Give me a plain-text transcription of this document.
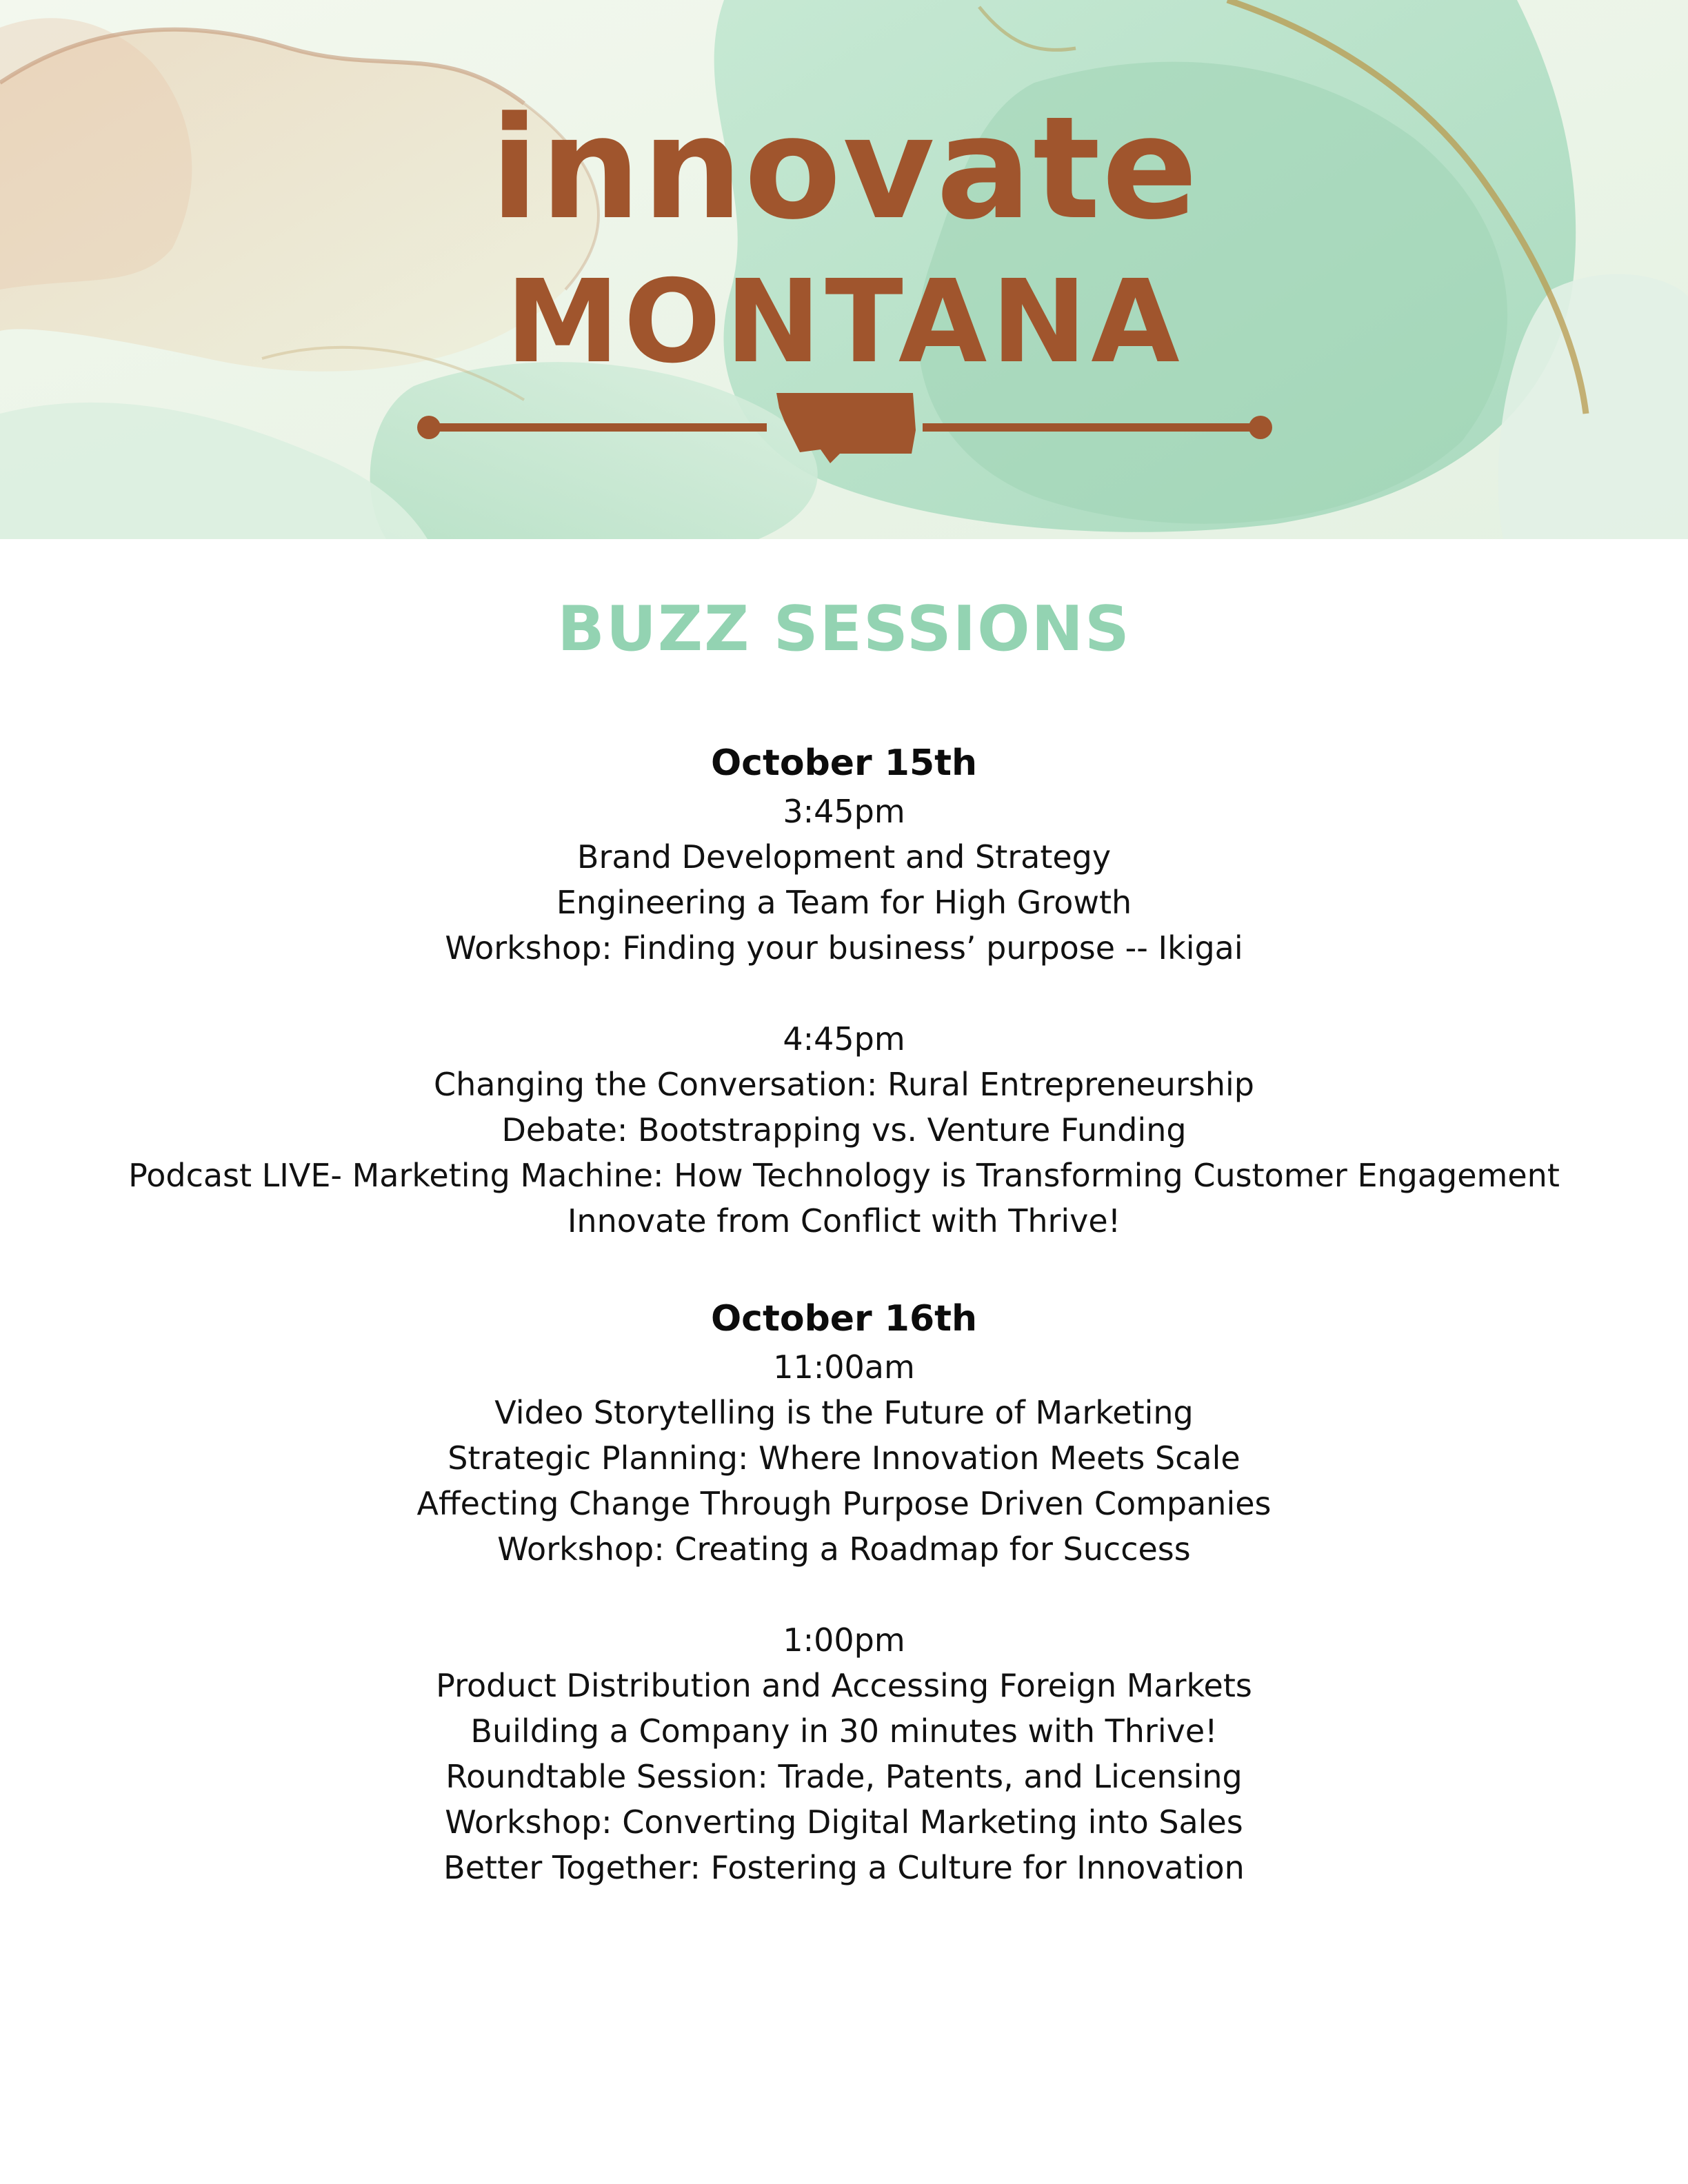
innovate
MONTANA
BUZZ SESSIONS
October 15th
3:45pm
Brand Development and Strategy
Engineering a Team for High Growth
Workshop: Finding your business’ purpose -- Ikigai
4:45pm
Changing the Conversation: Rural Entrepreneurship
Debate: Bootstrapping vs. Venture Funding
Podcast LIVE- Marketing Machine: How Technology is Transforming Customer Engagement
Innovate from Conflict with Thrive!
October 16th
11:00am
Video Storytelling is the Future of Marketing
Strategic Planning: Where Innovation Meets Scale
Affecting Change Through Purpose Driven Companies
Workshop: Creating a Roadmap for Success
1:00pm
Product Distribution and Accessing Foreign Markets
Building a Company in 30 minutes with Thrive!
Roundtable Session: Trade, Patents, and Licensing
Workshop: Converting Digital Marketing into Sales
Better Together: Fostering a Culture for Innovation
